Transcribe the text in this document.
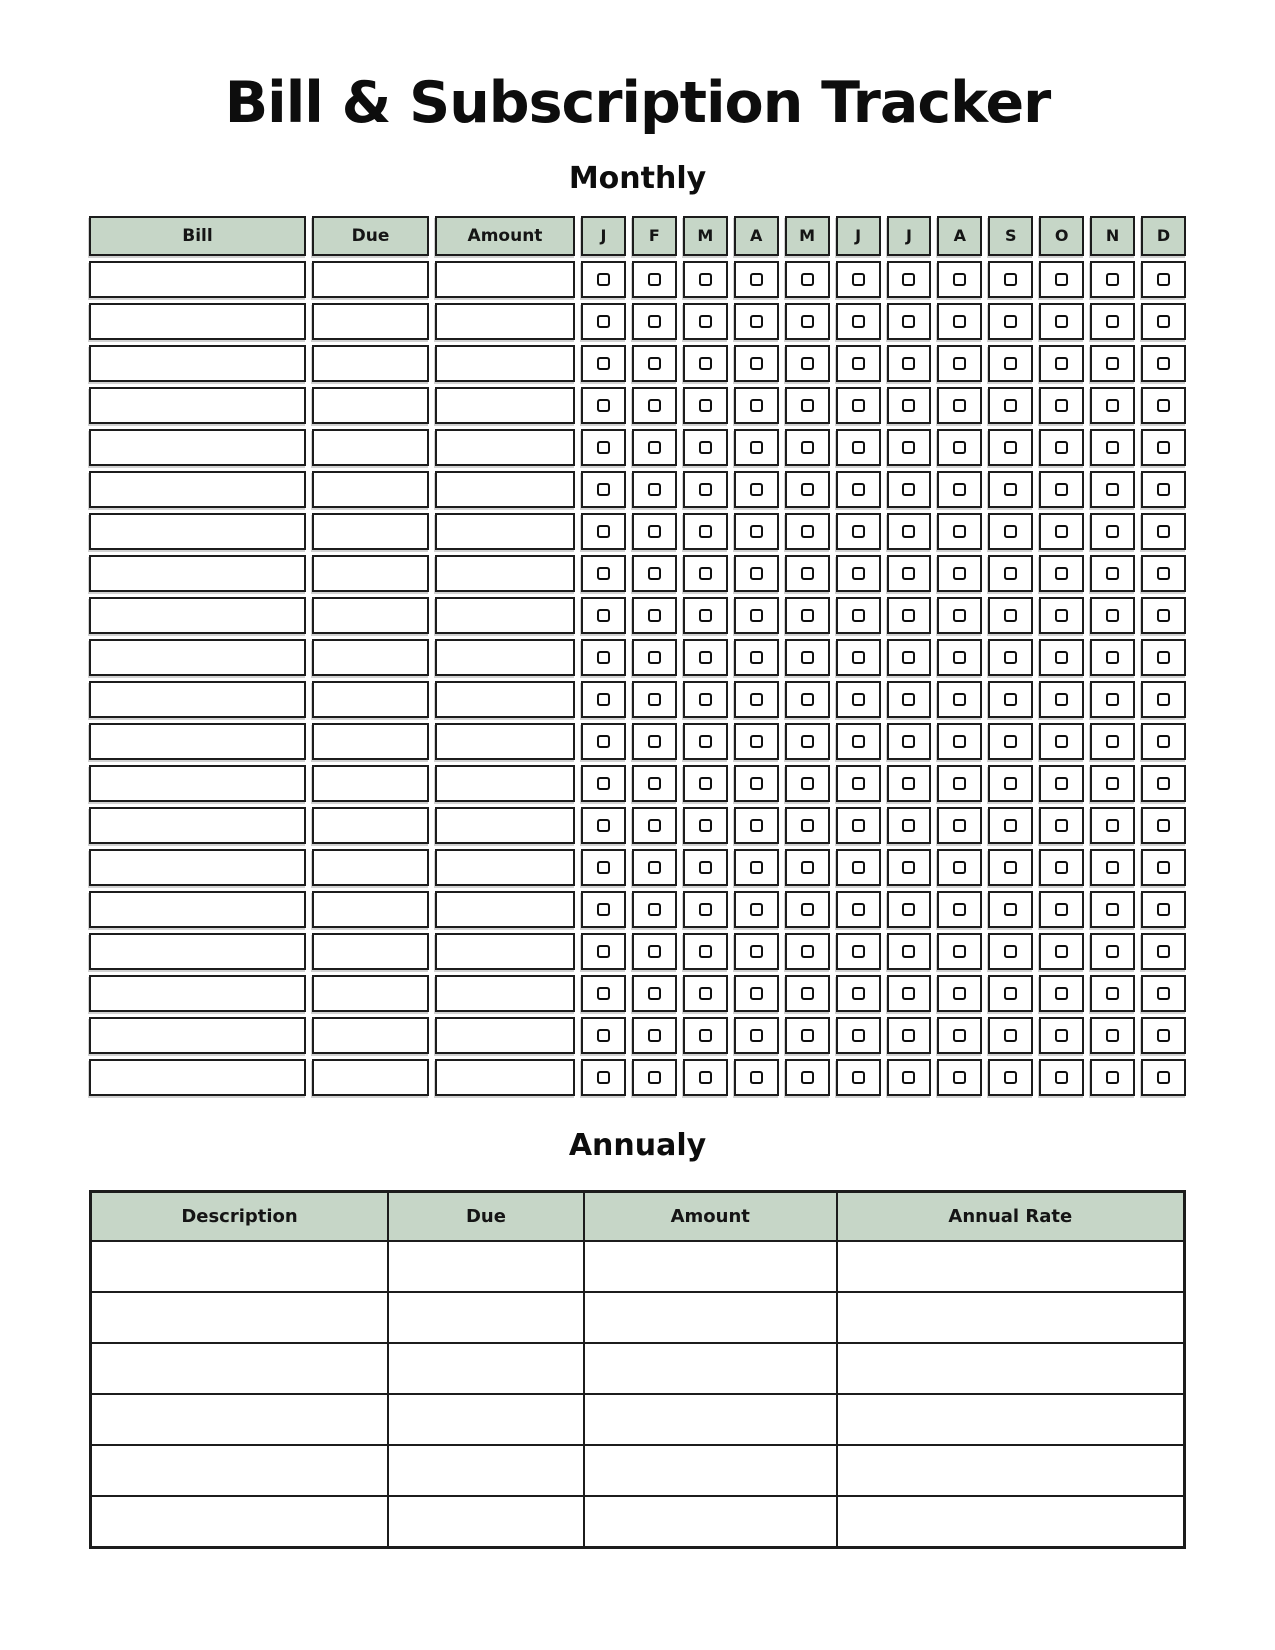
Bill & Subscription Tracker
Monthly
Bill	Due	Amount	J	F	M	A	M	J	J	A	S	O	N	D
Annualy
Description	Due	Amount	Annual Rate
